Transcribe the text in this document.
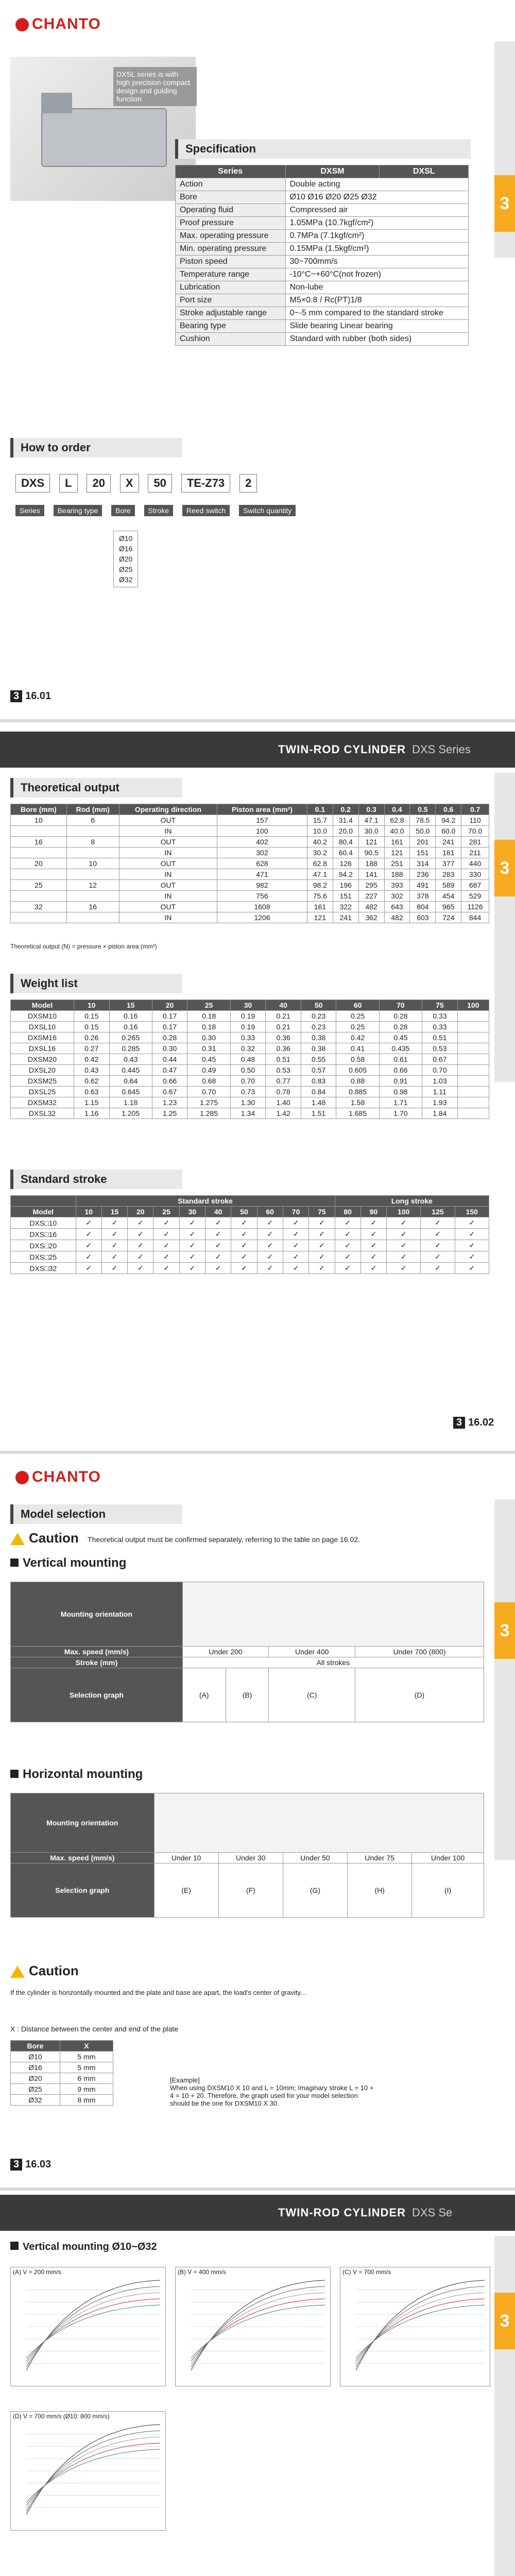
CHANTO
3
DXSL series is with high precision compact design and guiding function
Specification
Series	DXSM	DXSL
Action	Double acting	
Bore	Ø10 Ø16 Ø20 Ø25 Ø32	
Operating fluid	Compressed air	
Proof pressure	1.05MPa (10.7kgf/cm²)	
Max. operating pressure	0.7MPa (7.1kgf/cm²)	
Min. operating pressure	0.15MPa (1.5kgf/cm²)	
Piston speed	30~700mm/s	
Temperature range	-10°C~+60°C(not frozen)	
Lubrication	Non-lube	
Port size	M5×0.8 / Rc(PT)1/8	
Stroke adjustable range	0~-5 mm compared to the standard stroke	
Bearing type	Slide bearing Linear bearing	
Cushion	Standard with rubber (both sides)	
How to order
DXS L 20 X 50 TE-Z73 2
Series Bearing type Bore Stroke Reed switch Switch quantity
Ø10
Ø16
Ø20
Ø25
Ø32
3 16.01
TWIN-ROD CYLINDER DXS Series
3
Theoretical output
Bore (mm)	Rod (mm)	Operating direction	Piston area (mm²)	0.1	0.2	0.3	0.4	0.5	0.6	0.7
10	6	OUT	157	15.7	31.4	47.1	62.8	78.5	94.2	110
		IN	100	10.0	20.0	30.0	40.0	50.0	60.0	70.0
16	8	OUT	402	40.2	80.4	121	161	201	241	281
		IN	302	30.2	60.4	90.5	121	151	181	211
20	10	OUT	628	62.8	126	188	251	314	377	440
		IN	471	47.1	94.2	141	188	236	283	330
25	12	OUT	982	98.2	196	295	393	491	589	687
		IN	756	75.6	151	227	302	378	454	529
32	16	OUT	1608	161	322	482	643	804	965	1126
		IN	1206	121	241	362	482	603	724	844
Theoretical output (N) = pressure × piston area (mm²)
Weight list
Model	10	15	20	25	30	40	50	60	70	75	100
DXSM10	0.15	0.16	0.17	0.18	0.19	0.21	0.23	0.25	0.28	0.33	
DXSL10	0.15	0.16	0.17	0.18	0.19	0.21	0.23	0.25	0.28	0.33	
DXSM16	0.26	0.265	0.28	0.30	0.33	0.36	0.38	0.42	0.45	0.51	
DXSL16	0.27	0.285	0.30	0.31	0.32	0.36	0.38	0.41	0.435	0.53	
DXSM20	0.42	0.43	0.44	0.45	0.48	0.51	0.55	0.58	0.61	0.67	
DXSL20	0.43	0.445	0.47	0.49	0.50	0.53	0.57	0.605	0.66	0.70	
DXSM25	0.62	0.64	0.66	0.68	0.70	0.77	0.83	0.88	0.91	1.03	
DXSL25	0.63	0.645	0.67	0.70	0.73	0.78	0.84	0.885	0.98	1.11	
DXSM32	1.15	1.18	1.23	1.275	1.30	1.40	1.48	1.58	1.71	1.93	
DXSL32	1.16	1.205	1.25	1.285	1.34	1.42	1.51	1.685	1.70	1.84	
Standard stroke
	Standard stroke										Long stroke				
Model	10	15	20	25	30	40	50	60	70	75	80	90	100	125	150
DXS□10	✓	✓	✓	✓	✓	✓	✓	✓	✓	✓	✓	✓	✓	✓	✓
DXS□16	✓	✓	✓	✓	✓	✓	✓	✓	✓	✓	✓	✓	✓	✓	✓
DXS□20	✓	✓	✓	✓	✓	✓	✓	✓	✓	✓	✓	✓	✓	✓	✓
DXS□25	✓	✓	✓	✓	✓	✓	✓	✓	✓	✓	✓	✓	✓	✓	✓
DXS□32	✓	✓	✓	✓	✓	✓	✓	✓	✓	✓	✓	✓	✓	✓	✓
3 16.02
CHANTO
3
Model selection
Caution Theoretical output must be confirmed separately, referring to the table on page 16.02.
Vertical mounting
Mounting orientation				
Max. speed (mm/s)	Under 200		Under 400	Under 700 (800)
Stroke (mm)	All strokes			
Selection graph	(A)	(B)	(C)	(D)
Horizontal mounting
Mounting orientation					
Max. speed (mm/s)	Under 10	Under 30	Under 50	Under 75	Under 100
Selection graph	(E)	(F)	(G)	(H)	(I)
Caution
If the cylinder is horizontally mounted and the plate and base are apart, the load's center of gravity...
X : Distance between the center and end of the plate
Bore	X
Ø10	5 mm
Ø16	5 mm
Ø20	6 mm
Ø25	9 mm
Ø32	8 mm
[Example]
When using DXSM10 X 10 and L = 10mm; Imaginary stroke L = 10 + 4 = 10 + 20. Therefore, the graph used for your model selection should be the one for DXSM10 X 30.
3 16.03
TWIN-ROD CYLINDER DXS Se
3
Vertical mounting Ø10~Ø32
(A) V = 200 mm/s	(B) V = 400 mm/s	(C) V = 700 mm/s
(D) V = 700 mm/s (Ø10: 800 mm/s)
